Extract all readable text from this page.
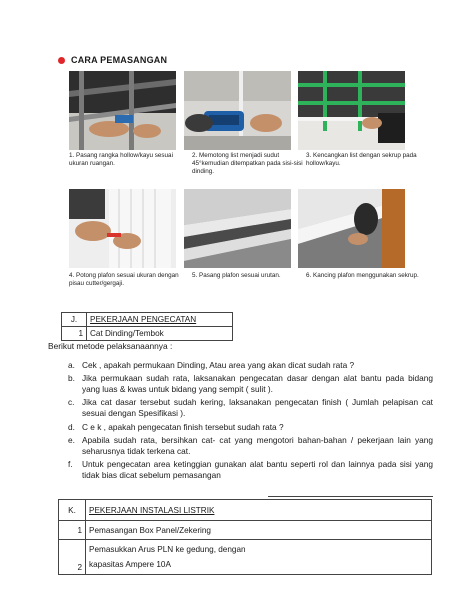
CARA PEMASANGAN
1. Pasang rangka hollow/kayu sesuai ukuran ruangan.
2. Memotong list menjadi sudut 45°kemudian ditempatkan pada sisi-sisi dinding.
3. Kencangkan list dengan sekrup pada hollow/kayu.
4. Potong plafon sesuai ukuran dengan pisau cutter/gergaji.
5. Pasang plafon sesuai urutan.	6. Kancing plafon menggunakan sekrup.
J.	PEKERJAAN PENGECATAN
1	Cat Dinding/Tembok
Berikut metode pelaksanaannya :
a. Cek , apakah permukaan Dinding, Atau area yang akan dicat sudah rata ?
b. Jika permukaan sudah rata, laksanakan pengecatan dasar dengan alat bantu pada bidang yang luas & kwas untuk bidang yang sempit ( sulit ).
c. Jika cat dasar tersebut sudah kering, laksanakan pengecatan finish ( Jumlah pelapisan cat sesuai dengan Spesifikasi ).
d. C e k , apakah pengecatan finish tersebut sudah rata ?
e. Apabila sudah rata, bersihkan cat- cat yang mengotori bahan-bahan / pekerjaan lain yang seharusnya tidak terkena cat.
f. Untuk pengecatan area ketinggian gunakan alat bantu seperti rol dan lainnya pada sisi yang tidak bias dicat sebelum pemasangan
K.	PEKERJAAN INSTALASI LISTRIK
1	Pemasangan Box Panel/Zekering
2	Pemasukkan Arus PLN ke gedung, dengan
kapasitas Ampere 10A
